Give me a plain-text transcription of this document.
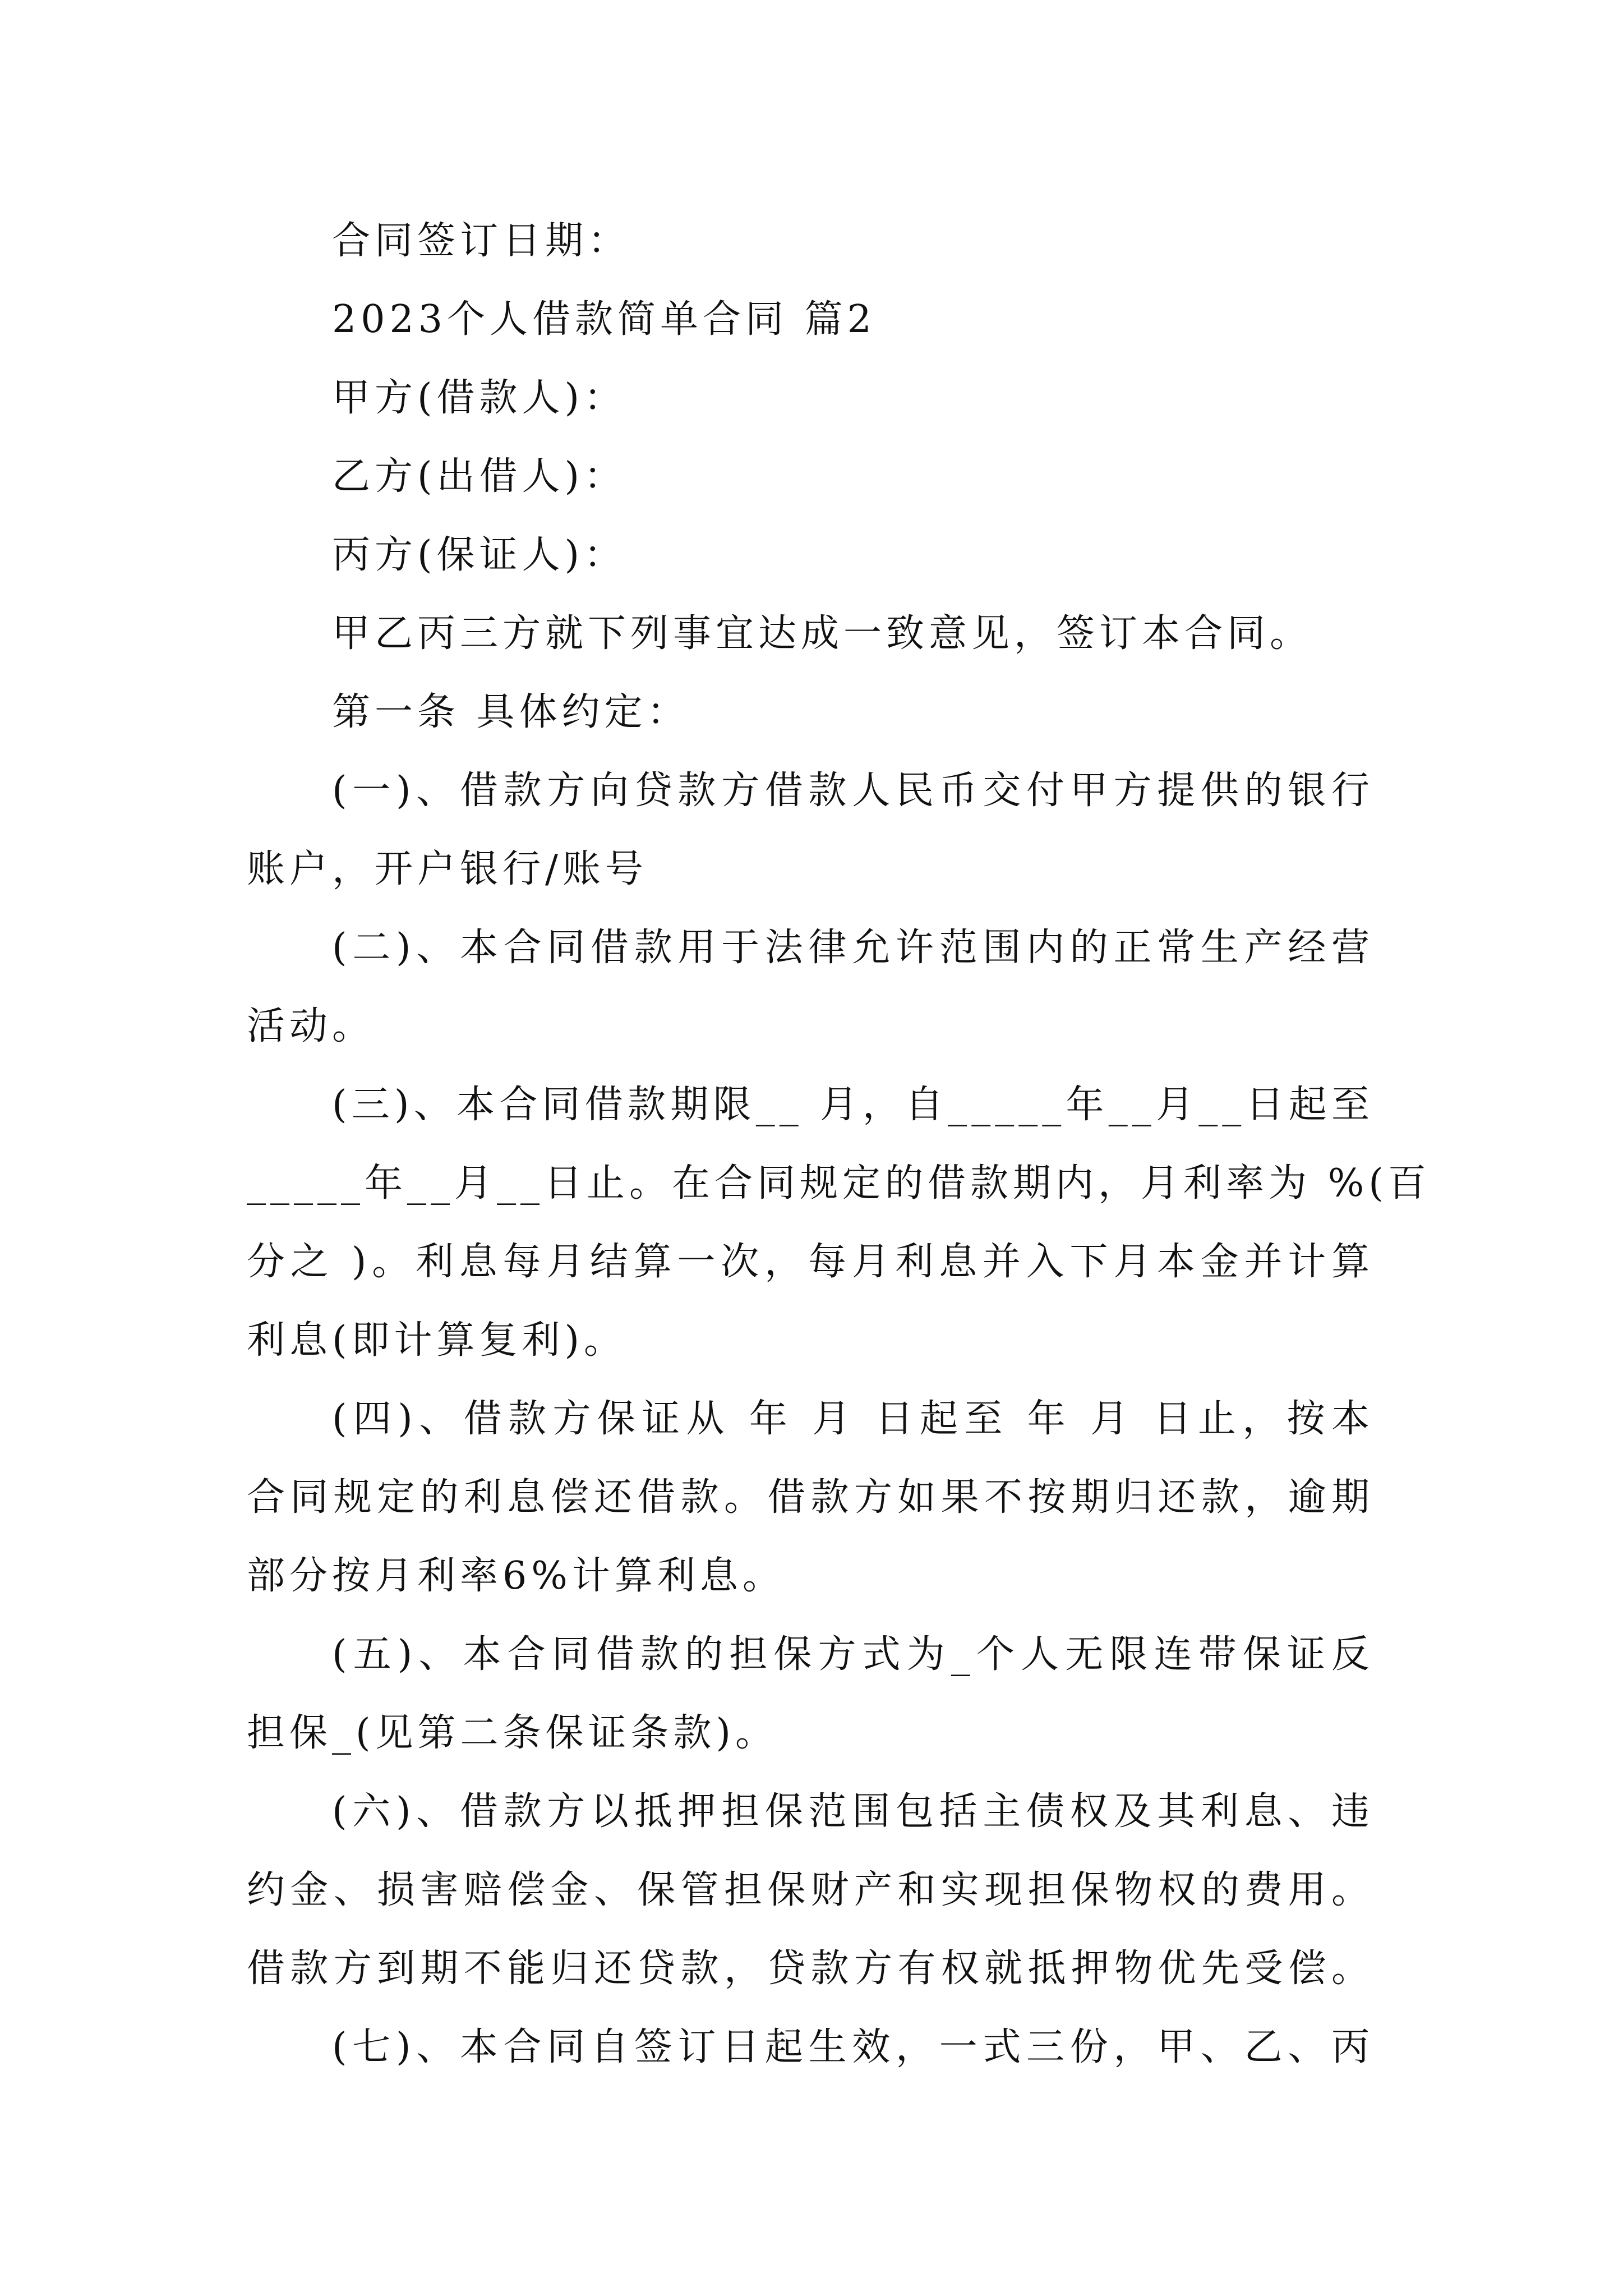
合同签订日期：

2023个人借款简单合同 篇2

甲方(借款人)：

乙方(出借人)：

丙方(保证人)：

甲乙丙三方就下列事宜达成一致意见，签订本合同。

第一条 具体约定：

(一)、借款方向贷款方借款人民币交付甲方提供的银行

账户，开户银行/账号

(二)、本合同借款用于法律允许范围内的正常生产经营

活动。

(三)、本合同借款期限__ 月，自_____年__月__日起至

_____年__月__日止。在合同规定的借款期内，月利率为 %(百

分之 )。利息每月结算一次，每月利息并入下月本金并计算

利息(即计算复利)。

(四)、借款方保证从 年 月 日起至 年 月 日止，按本

合同规定的利息偿还借款。借款方如果不按期归还款，逾期

部分按月利率6%计算利息。

(五)、本合同借款的担保方式为_个人无限连带保证反

担保_(见第二条保证条款)。

(六)、借款方以抵押担保范围包括主债权及其利息、违

约金、损害赔偿金、保管担保财产和实现担保物权的费用。

借款方到期不能归还贷款，贷款方有权就抵押物优先受偿。

(七)、本合同自签订日起生效，一式三份，甲、乙、丙
